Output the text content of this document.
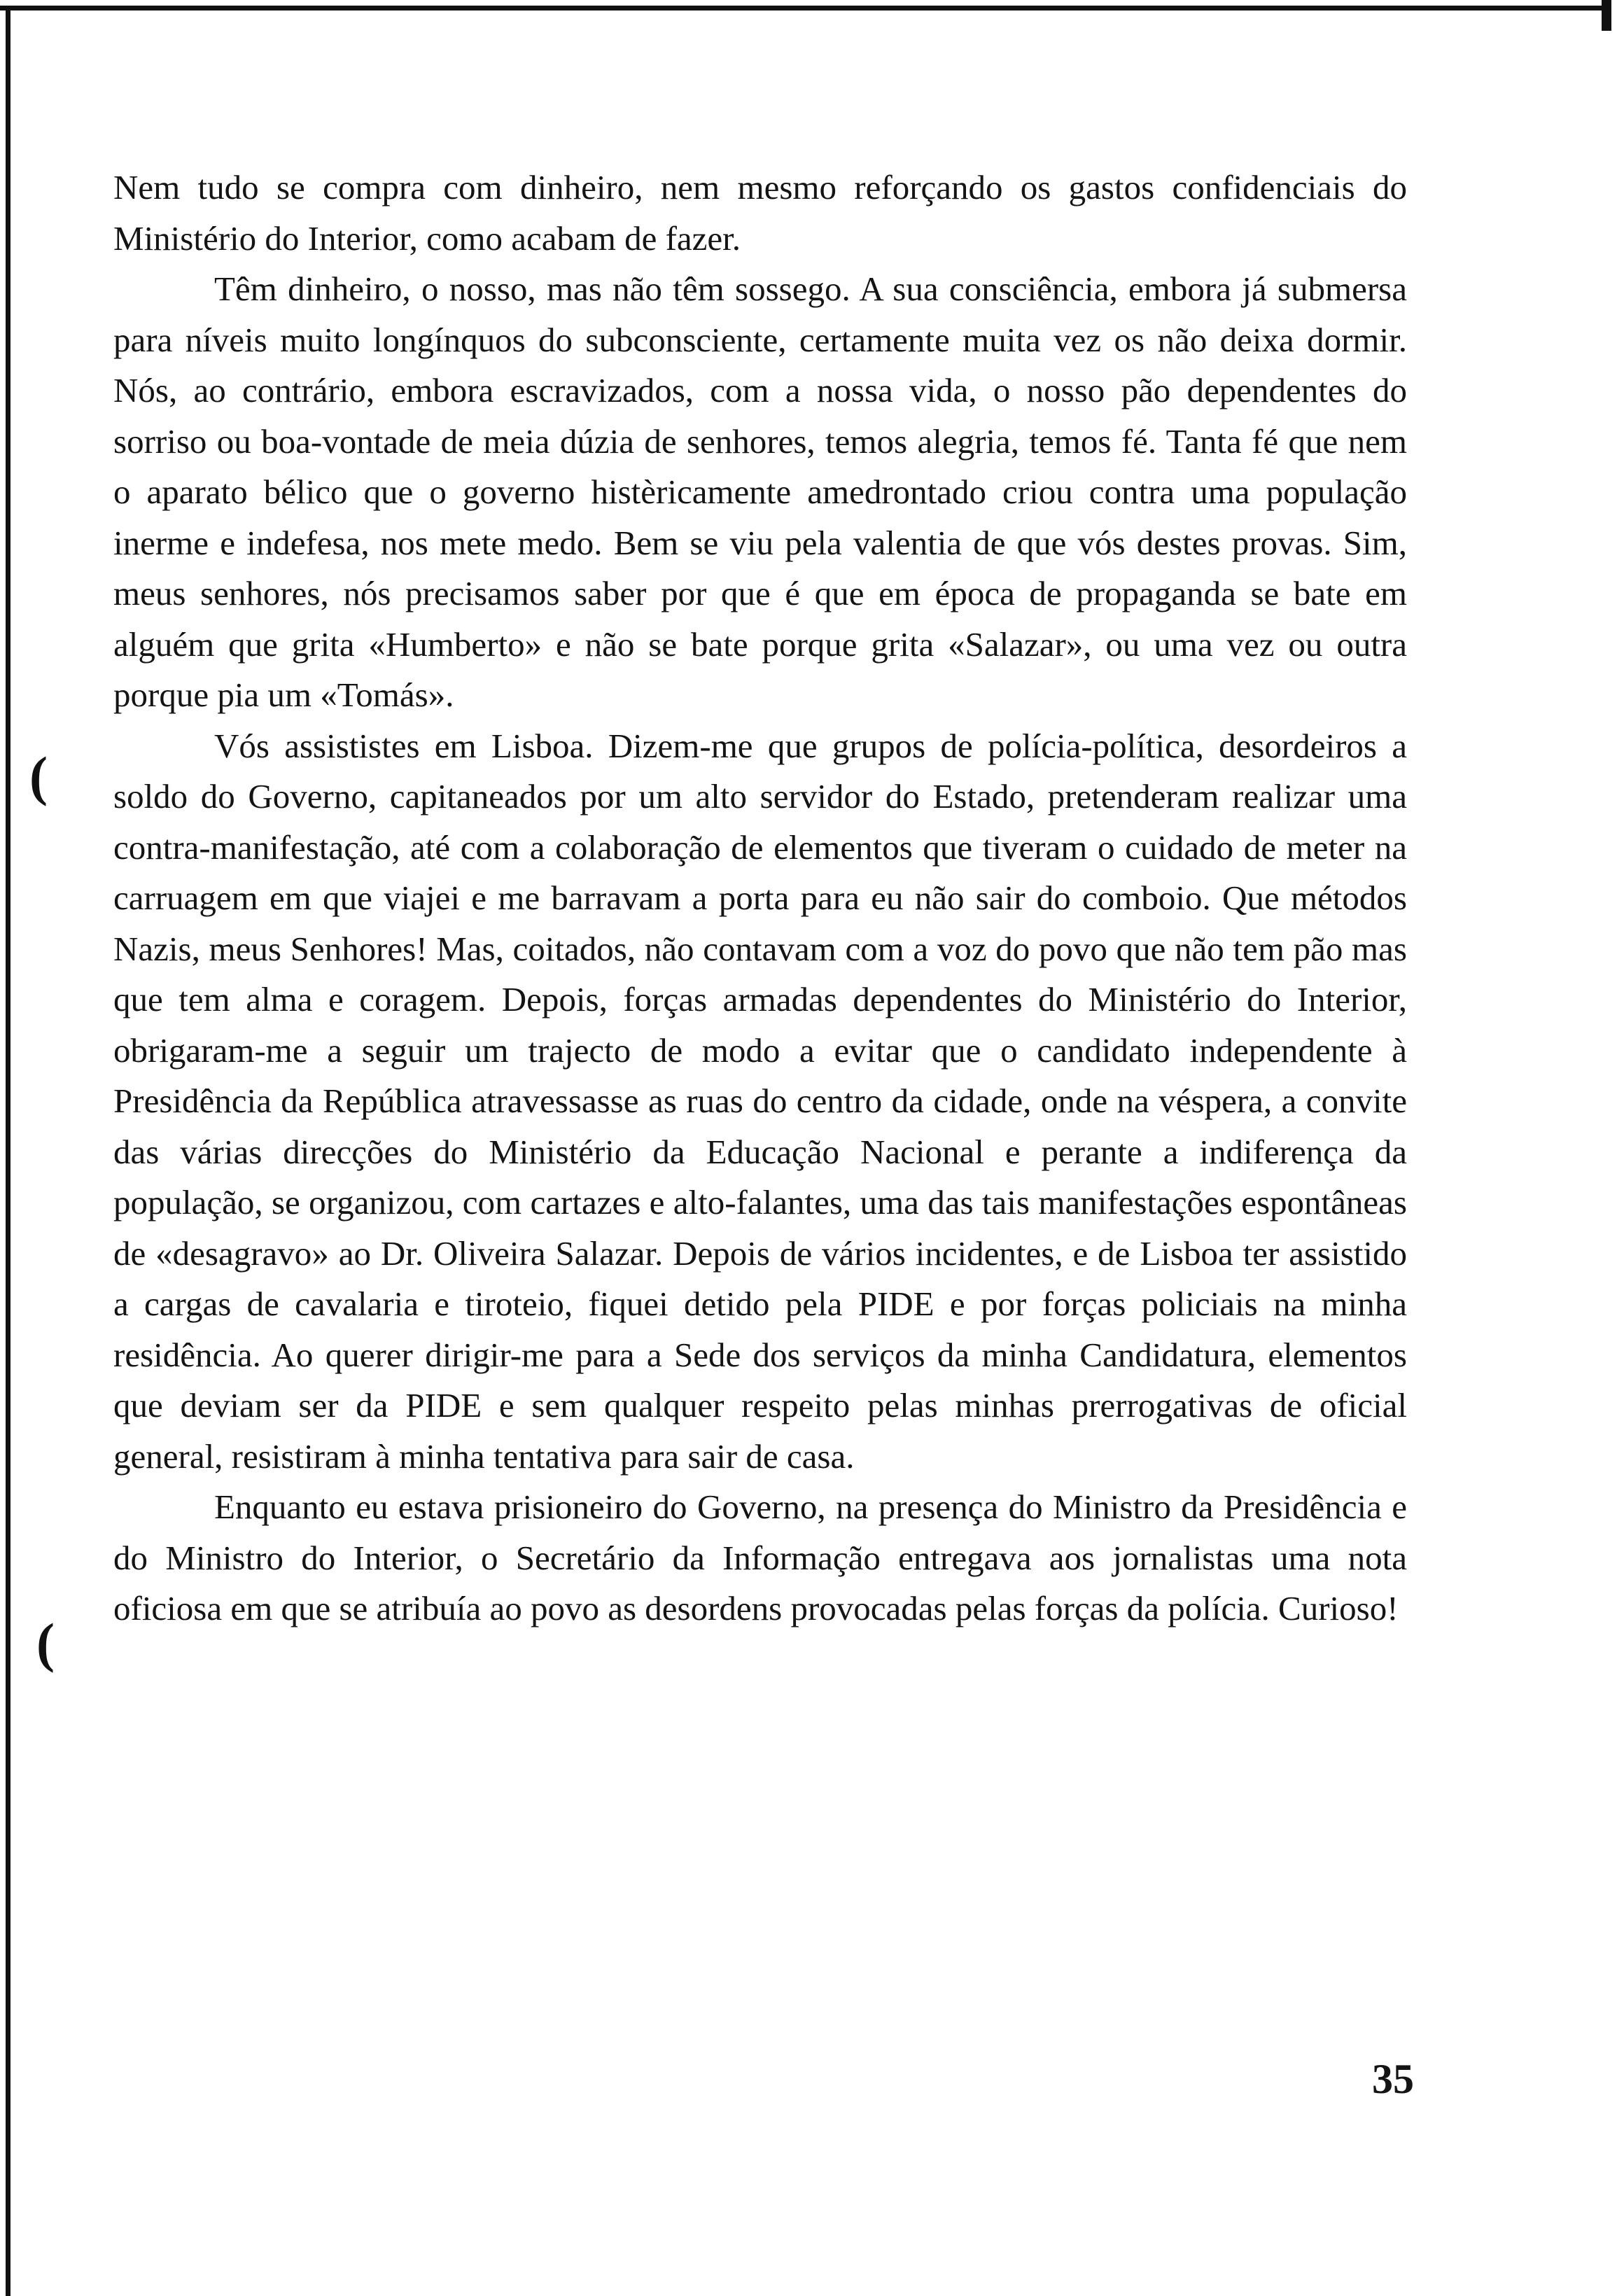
(
(

Nem tudo se compra com dinheiro, nem mesmo reforçando os gastos confidenciais do Ministério do Interior, como acabam de fazer.

Têm dinheiro, o nosso, mas não têm sossego. A sua consciência, embora já submersa para níveis muito longínquos do subconsciente, certamente muita vez os não deixa dormir. Nós, ao contrário, embora escravizados, com a nossa vida, o nosso pão dependentes do sorriso ou boa-vontade de meia dúzia de senhores, temos alegria, temos fé. Tanta fé que nem o aparato bélico que o governo histèricamente amedrontado criou contra uma população inerme e indefesa, nos mete medo. Bem se viu pela valentia de que vós destes provas. Sim, meus senhores, nós precisamos saber por que é que em época de propaganda se bate em alguém que grita «Humberto» e não se bate porque grita «Salazar», ou uma vez ou outra porque pia um «Tomás».

Vós assististes em Lisboa. Dizem-me que grupos de polícia-política, desordeiros a soldo do Governo, capitaneados por um alto servidor do Estado, pretenderam realizar uma contra-manifestação, até com a colaboração de elementos que tiveram o cuidado de meter na carruagem em que viajei e me barravam a porta para eu não sair do comboio. Que métodos Nazis, meus Senhores! Mas, coitados, não contavam com a voz do povo que não tem pão mas que tem alma e coragem. Depois, forças armadas dependentes do Ministério do Interior, obrigaram-me a seguir um trajecto de modo a evitar que o candidato independente à Presidência da República atravessasse as ruas do centro da cidade, onde na véspera, a convite das várias direcções do Ministério da Educação Nacional e perante a indiferença da população, se organizou, com cartazes e alto-falantes, uma das tais manifestações espontâneas de «desagravo» ao Dr. Oliveira Salazar. Depois de vários incidentes, e de Lisboa ter assistido a cargas de cavalaria e tiroteio, fiquei detido pela PIDE e por forças policiais na minha residência. Ao querer dirigir-me para a Sede dos serviços da minha Candidatura, elementos que deviam ser da PIDE e sem qualquer respeito pelas minhas prerrogativas de oficial general, resistiram à minha tentativa para sair de casa.

Enquanto eu estava prisioneiro do Governo, na presença do Ministro da Presidência e do Ministro do Interior, o Secretário da Informação entregava aos jornalistas uma nota oficiosa em que se atribuía ao povo as desordens provocadas pelas forças da polícia. Curioso!

35
